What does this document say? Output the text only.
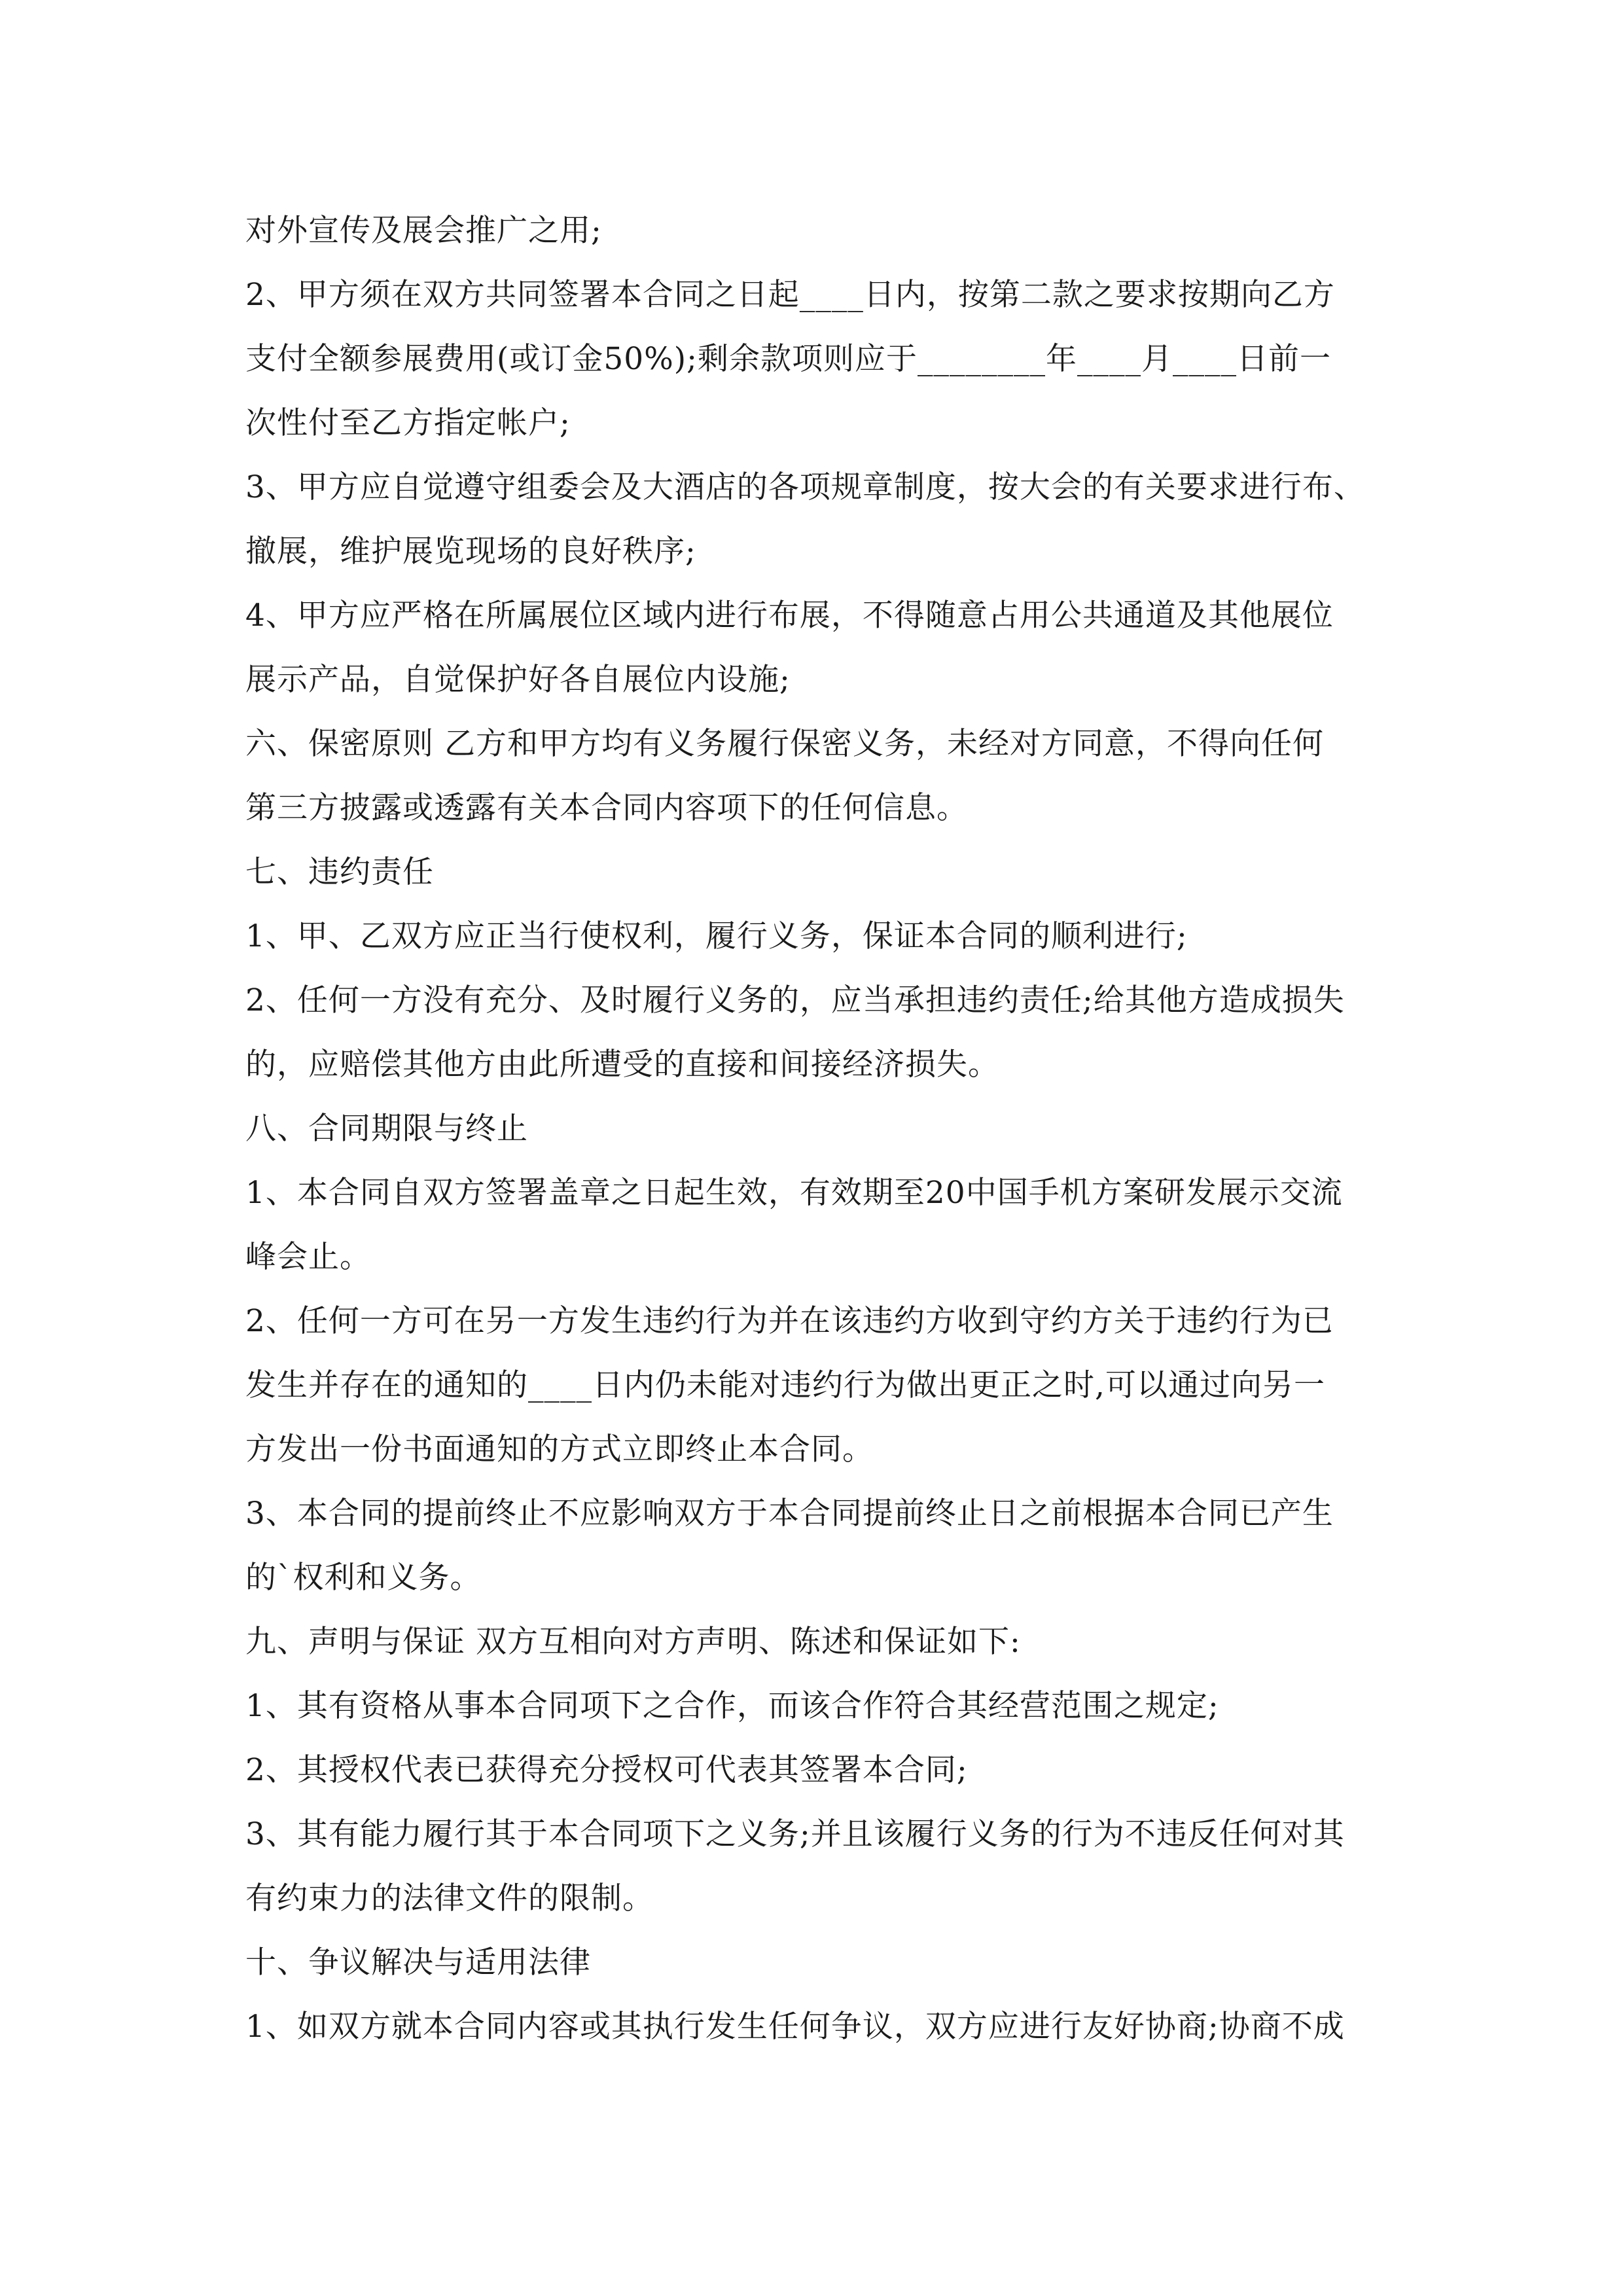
对外宣传及展会推广之用;
2、甲方须在双方共同签署本合同之日起____日内，按第二款之要求按期向乙方
支付全额参展费用(或订金50%);剩余款项则应于________年____月____日前一
次性付至乙方指定帐户;
3、甲方应自觉遵守组委会及大酒店的各项规章制度，按大会的有关要求进行布、
撤展，维护展览现场的良好秩序;
4、甲方应严格在所属展位区域内进行布展，不得随意占用公共通道及其他展位
展示产品，自觉保护好各自展位内设施;
六、保密原则 乙方和甲方均有义务履行保密义务，未经对方同意，不得向任何
第三方披露或透露有关本合同内容项下的任何信息。
七、违约责任
1、甲、乙双方应正当行使权利，履行义务，保证本合同的顺利进行;
2、任何一方没有充分、及时履行义务的，应当承担违约责任;给其他方造成损失
的，应赔偿其他方由此所遭受的直接和间接经济损失。
八、合同期限与终止
1、本合同自双方签署盖章之日起生效，有效期至20中国手机方案研发展示交流
峰会止。
2、任何一方可在另一方发生违约行为并在该违约方收到守约方关于违约行为已
发生并存在的通知的____日内仍未能对违约行为做出更正之时,可以通过向另一
方发出一份书面通知的方式立即终止本合同。
3、本合同的提前终止不应影响双方于本合同提前终止日之前根据本合同已产生
的`权利和义务。
九、声明与保证 双方互相向对方声明、陈述和保证如下:
1、其有资格从事本合同项下之合作，而该合作符合其经营范围之规定;
2、其授权代表已获得充分授权可代表其签署本合同;
3、其有能力履行其于本合同项下之义务;并且该履行义务的行为不违反任何对其
有约束力的法律文件的限制。
十、争议解决与适用法律
1、如双方就本合同内容或其执行发生任何争议，双方应进行友好协商;协商不成
